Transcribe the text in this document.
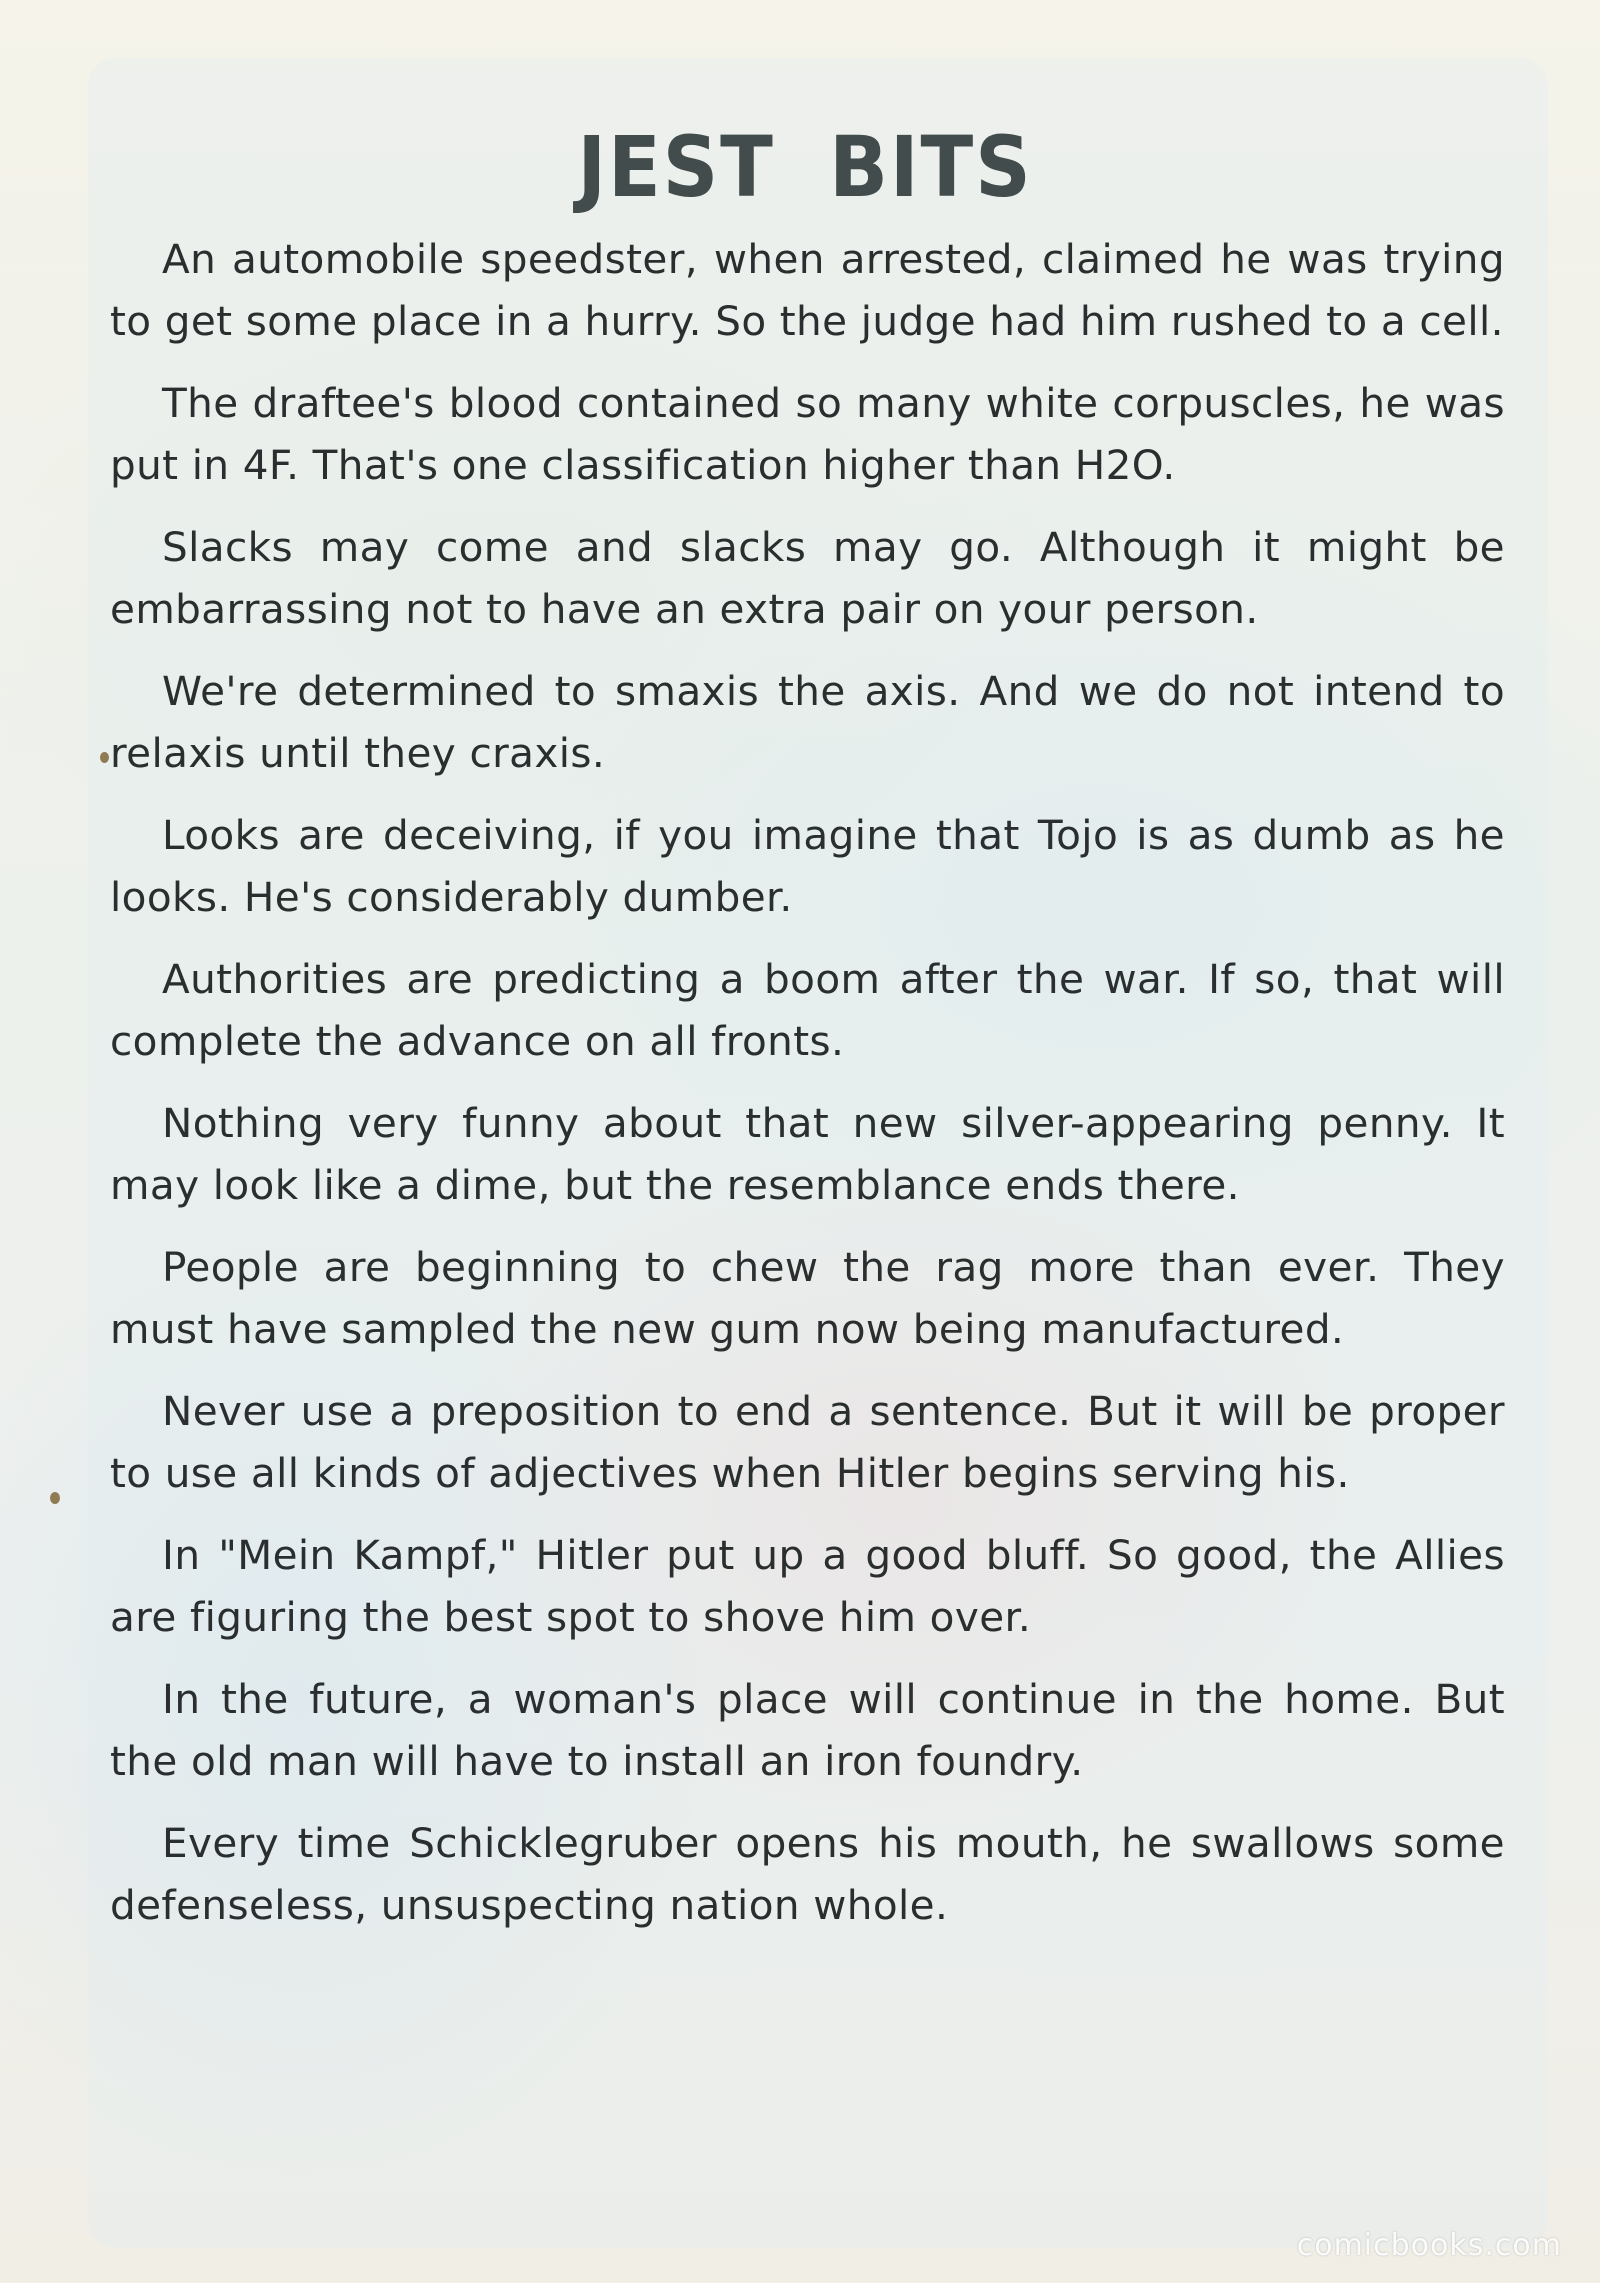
JEST BITS

An automobile speedster, when arrested, claimed he was trying to get some place in a hurry. So the judge had him rushed to a cell.

The draftee's blood contained so many white corpuscles, he was put in 4F. That's one classification higher than H2O.

Slacks may come and slacks may go. Although it might be embarrassing not to have an extra pair on your person.

We're determined to smaxis the axis. And we do not intend to relaxis until they craxis.

Looks are deceiving, if you imagine that Tojo is as dumb as he looks. He's considerably dumber.

Authorities are predicting a boom after the war. If so, that will complete the advance on all fronts.

Nothing very funny about that new silver-appearing penny. It may look like a dime, but the resemblance ends there.

People are beginning to chew the rag more than ever. They must have sampled the new gum now being manufactured.

Never use a preposition to end a sentence. But it will be proper to use all kinds of adjectives when Hitler begins serving his.

In "Mein Kampf," Hitler put up a good bluff. So good, the Allies are figuring the best spot to shove him over.

In the future, a woman's place will continue in the home. But the old man will have to install an iron foundry.

Every time Schicklegruber opens his mouth, he swallows some defenseless, unsuspecting nation whole.

comicbooks.com
